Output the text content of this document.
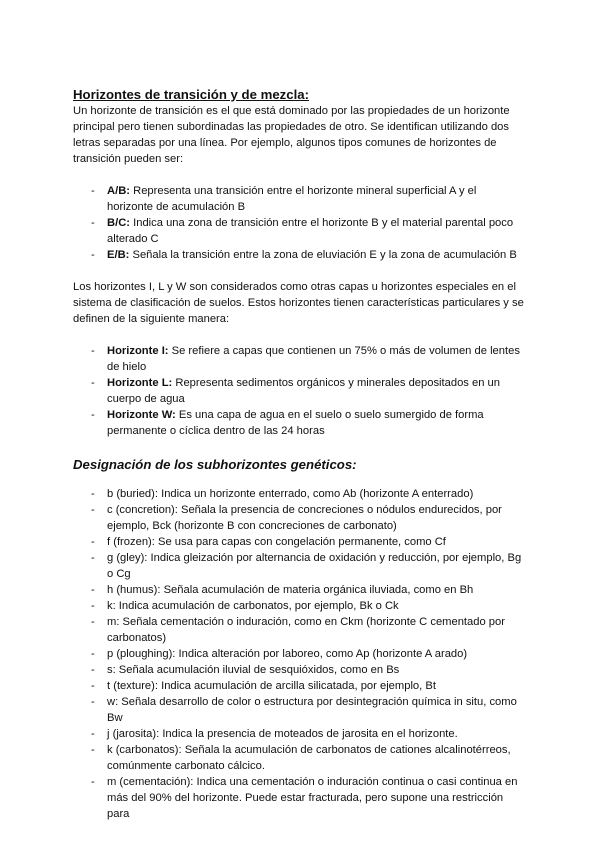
Horizontes de transición y de mezcla:

Un horizonte de transición es el que está dominado por las propiedades de un horizonte principal pero tienen subordinadas las propiedades de otro. Se identifican utilizando dos letras separadas por una línea. Por ejemplo, algunos tipos comunes de horizontes de transición pueden ser:

- A/B: Representa una transición entre el horizonte mineral superficial A y el horizonte de acumulación B
- B/C: Indica una zona de transición entre el horizonte B y el material parental poco alterado C
- E/B: Señala la transición entre la zona de eluviación E y la zona de acumulación B

Los horizontes I, L y W son considerados como otras capas u horizontes especiales en el sistema de clasificación de suelos. Estos horizontes tienen características particulares y se definen de la siguiente manera:

- Horizonte I: Se refiere a capas que contienen un 75% o más de volumen de lentes de hielo
- Horizonte L: Representa sedimentos orgánicos y minerales depositados en un cuerpo de agua
- Horizonte W: Es una capa de agua en el suelo o suelo sumergido de forma permanente o cíclica dentro de las 24 horas
Designación de los subhorizontes genéticos:
- b (buried): Indica un horizonte enterrado, como Ab (horizonte A enterrado)
- c (concretion): Señala la presencia de concreciones o nódulos endurecidos, por ejemplo, Bck (horizonte B con concreciones de carbonato)
- f (frozen): Se usa para capas con congelación permanente, como Cf
- g (gley): Indica gleización por alternancia de oxidación y reducción, por ejemplo, Bg o Cg
- h (humus): Señala acumulación de materia orgánica iluviada, como en Bh
- k: Indica acumulación de carbonatos, por ejemplo, Bk o Ck
- m: Señala cementación o induración, como en Ckm (horizonte C cementado por carbonatos)
- p (ploughing): Indica alteración por laboreo, como Ap (horizonte A arado)
- s: Señala acumulación iluvial de sesquióxidos, como en Bs
- t (texture): Indica acumulación de arcilla silicatada, por ejemplo, Bt
- w: Señala desarrollo de color o estructura por desintegración química in situ, como Bw
- j (jarosita): Indica la presencia de moteados de jarosita en el horizonte.
- k (carbonatos): Señala la acumulación de carbonatos de cationes alcalinotérreos, comúnmente carbonato cálcico.
- m (cementación): Indica una cementación o induración continua o casi continua en más del 90% del horizonte. Puede estar fracturada, pero supone una restricción para
